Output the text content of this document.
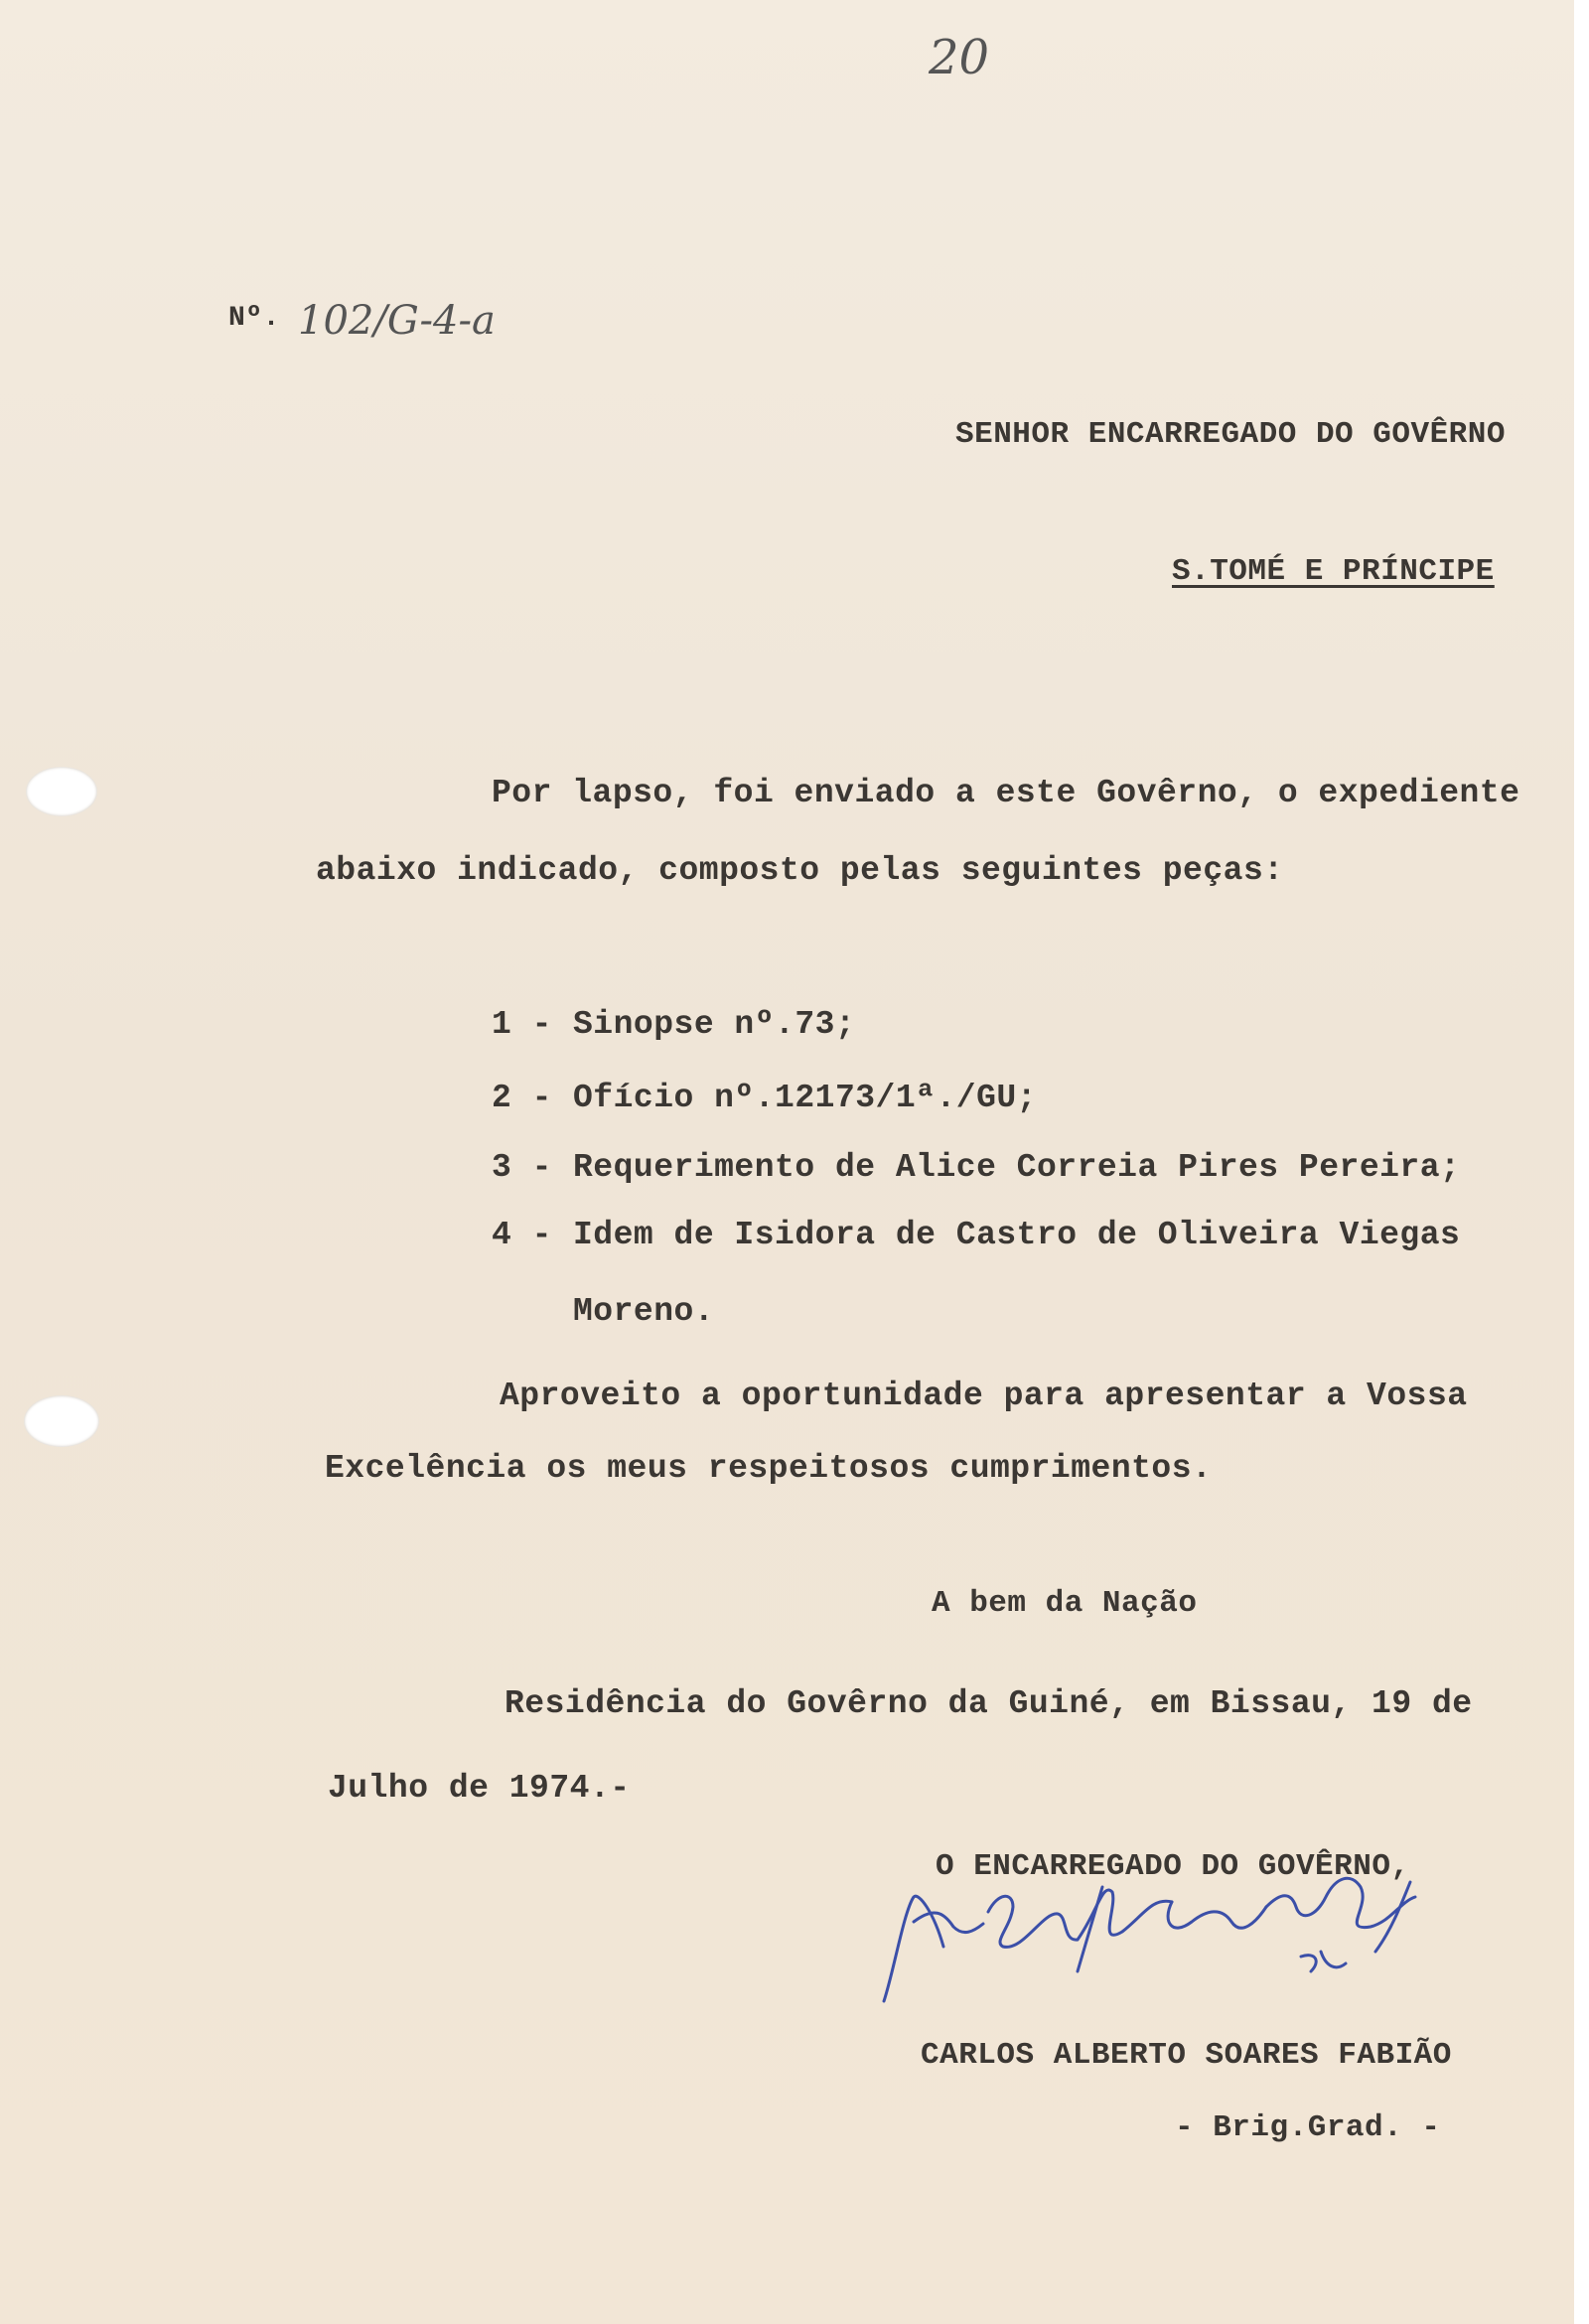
20
Nº. 102/G-4-a
SENHOR ENCARREGADO DO GOVÊRNO
S.TOMÉ E PRÍNCIPE
Por lapso, foi enviado a este Govêrno, o expediente
abaixo indicado, composto pelas seguintes peças:
1 - Sinopse nº.73;
2 - Ofício nº.12173/1ª./GU;
3 - Requerimento de Alice Correia Pires Pereira;
4 - Idem de Isidora de Castro de Oliveira Viegas
Moreno.
Aproveito a oportunidade para apresentar a Vossa
Excelência os meus respeitosos cumprimentos.
A bem da Nação
Residência do Govêrno da Guiné, em Bissau, 19 de
Julho de 1974.-
O ENCARREGADO DO GOVÊRNO,
CARLOS ALBERTO SOARES FABIÃO
- Brig.Grad. -
